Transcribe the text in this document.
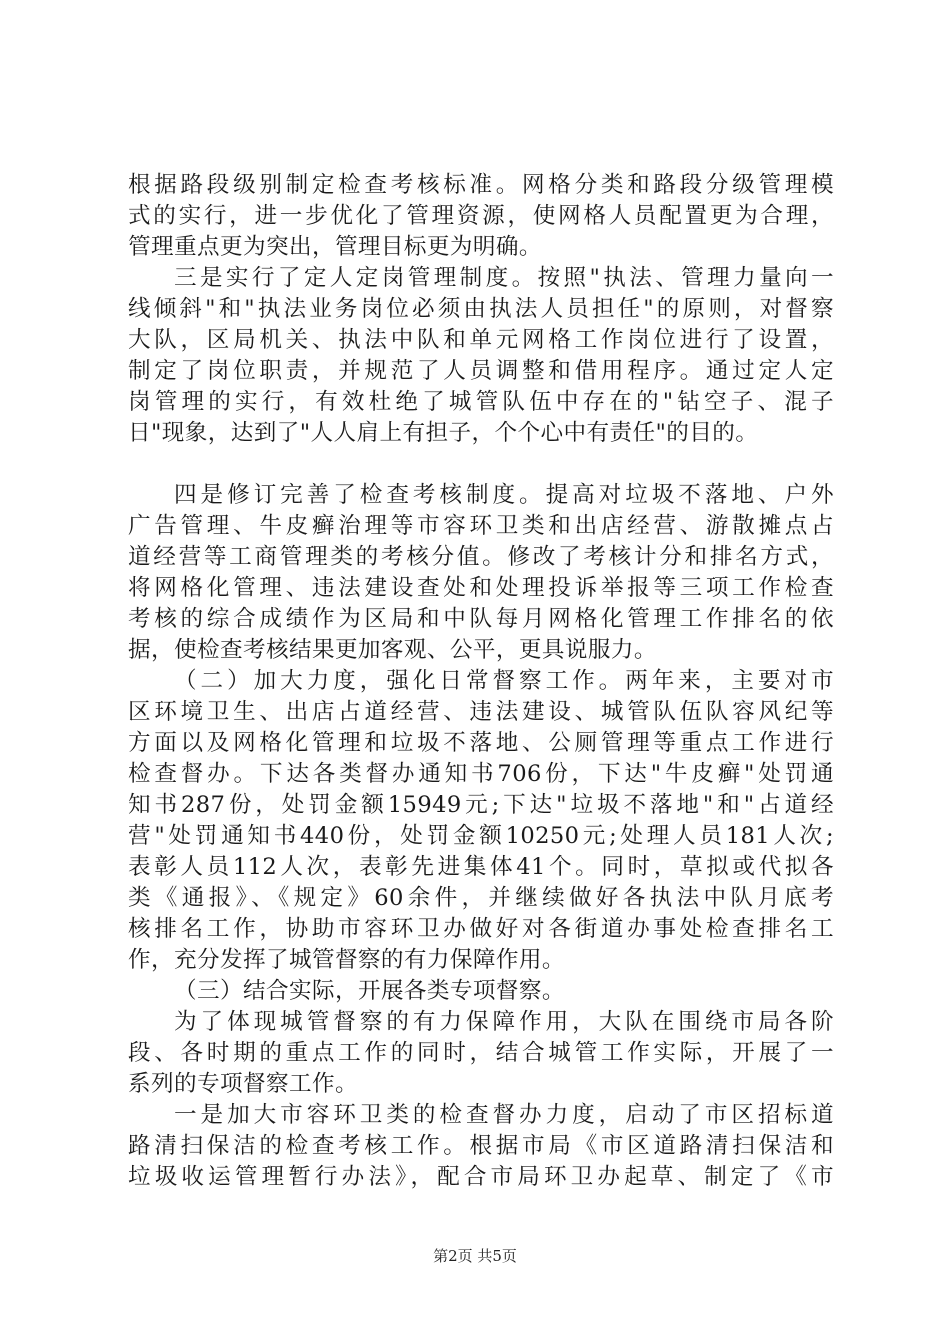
根据路段级别制定检查考核标准。网格分类和路段分级管理模
式的实行，进一步优化了管理资源，使网格人员配置更为合理，
管理重点更为突出，管理目标更为明确。
三是实行了定人定岗管理制度。按照"执法、管理力量向一
线倾斜"和"执法业务岗位必须由执法人员担任"的原则，对督察
大队，区局机关、执法中队和单元网格工作岗位进行了设置，
制定了岗位职责，并规范了人员调整和借用程序。通过定人定
岗管理的实行，有效杜绝了城管队伍中存在的"钻空子、混子
日"现象，达到了"人人肩上有担子，个个心中有责任"的目的。
四是修订完善了检查考核制度。提高对垃圾不落地、户外
广告管理、牛皮癣治理等市容环卫类和出店经营、游散摊点占
道经营等工商管理类的考核分值。修改了考核计分和排名方式，
将网格化管理、违法建设查处和处理投诉举报等三项工作检查
考核的综合成绩作为区局和中队每月网格化管理工作排名的依
据，使检查考核结果更加客观、公平，更具说服力。
（二）加大力度，强化日常督察工作。两年来，主要对市
区环境卫生、出店占道经营、违法建设、城管队伍队容风纪等
方面以及网格化管理和垃圾不落地、公厕管理等重点工作进行
检查督办。下达各类督办通知书706份，下达"牛皮癣"处罚通
知书287份，处罚金额15949元;下达"垃圾不落地"和"占道经
营"处罚通知书440份，处罚金额10250元;处理人员181人次;
表彰人员112人次，表彰先进集体41个。同时，草拟或代拟各
类《通报》、《规定》60余件，并继续做好各执法中队月底考
核排名工作，协助市容环卫办做好对各街道办事处检查排名工
作，充分发挥了城管督察的有力保障作用。
（三）结合实际，开展各类专项督察。
为了体现城管督察的有力保障作用，大队在围绕市局各阶
段、各时期的重点工作的同时，结合城管工作实际，开展了一
系列的专项督察工作。
一是加大市容环卫类的检查督办力度，启动了市区招标道
路清扫保洁的检查考核工作。根据市局《市区道路清扫保洁和
垃圾收运管理暂行办法》，配合市局环卫办起草、制定了《市
第2页 共5页
